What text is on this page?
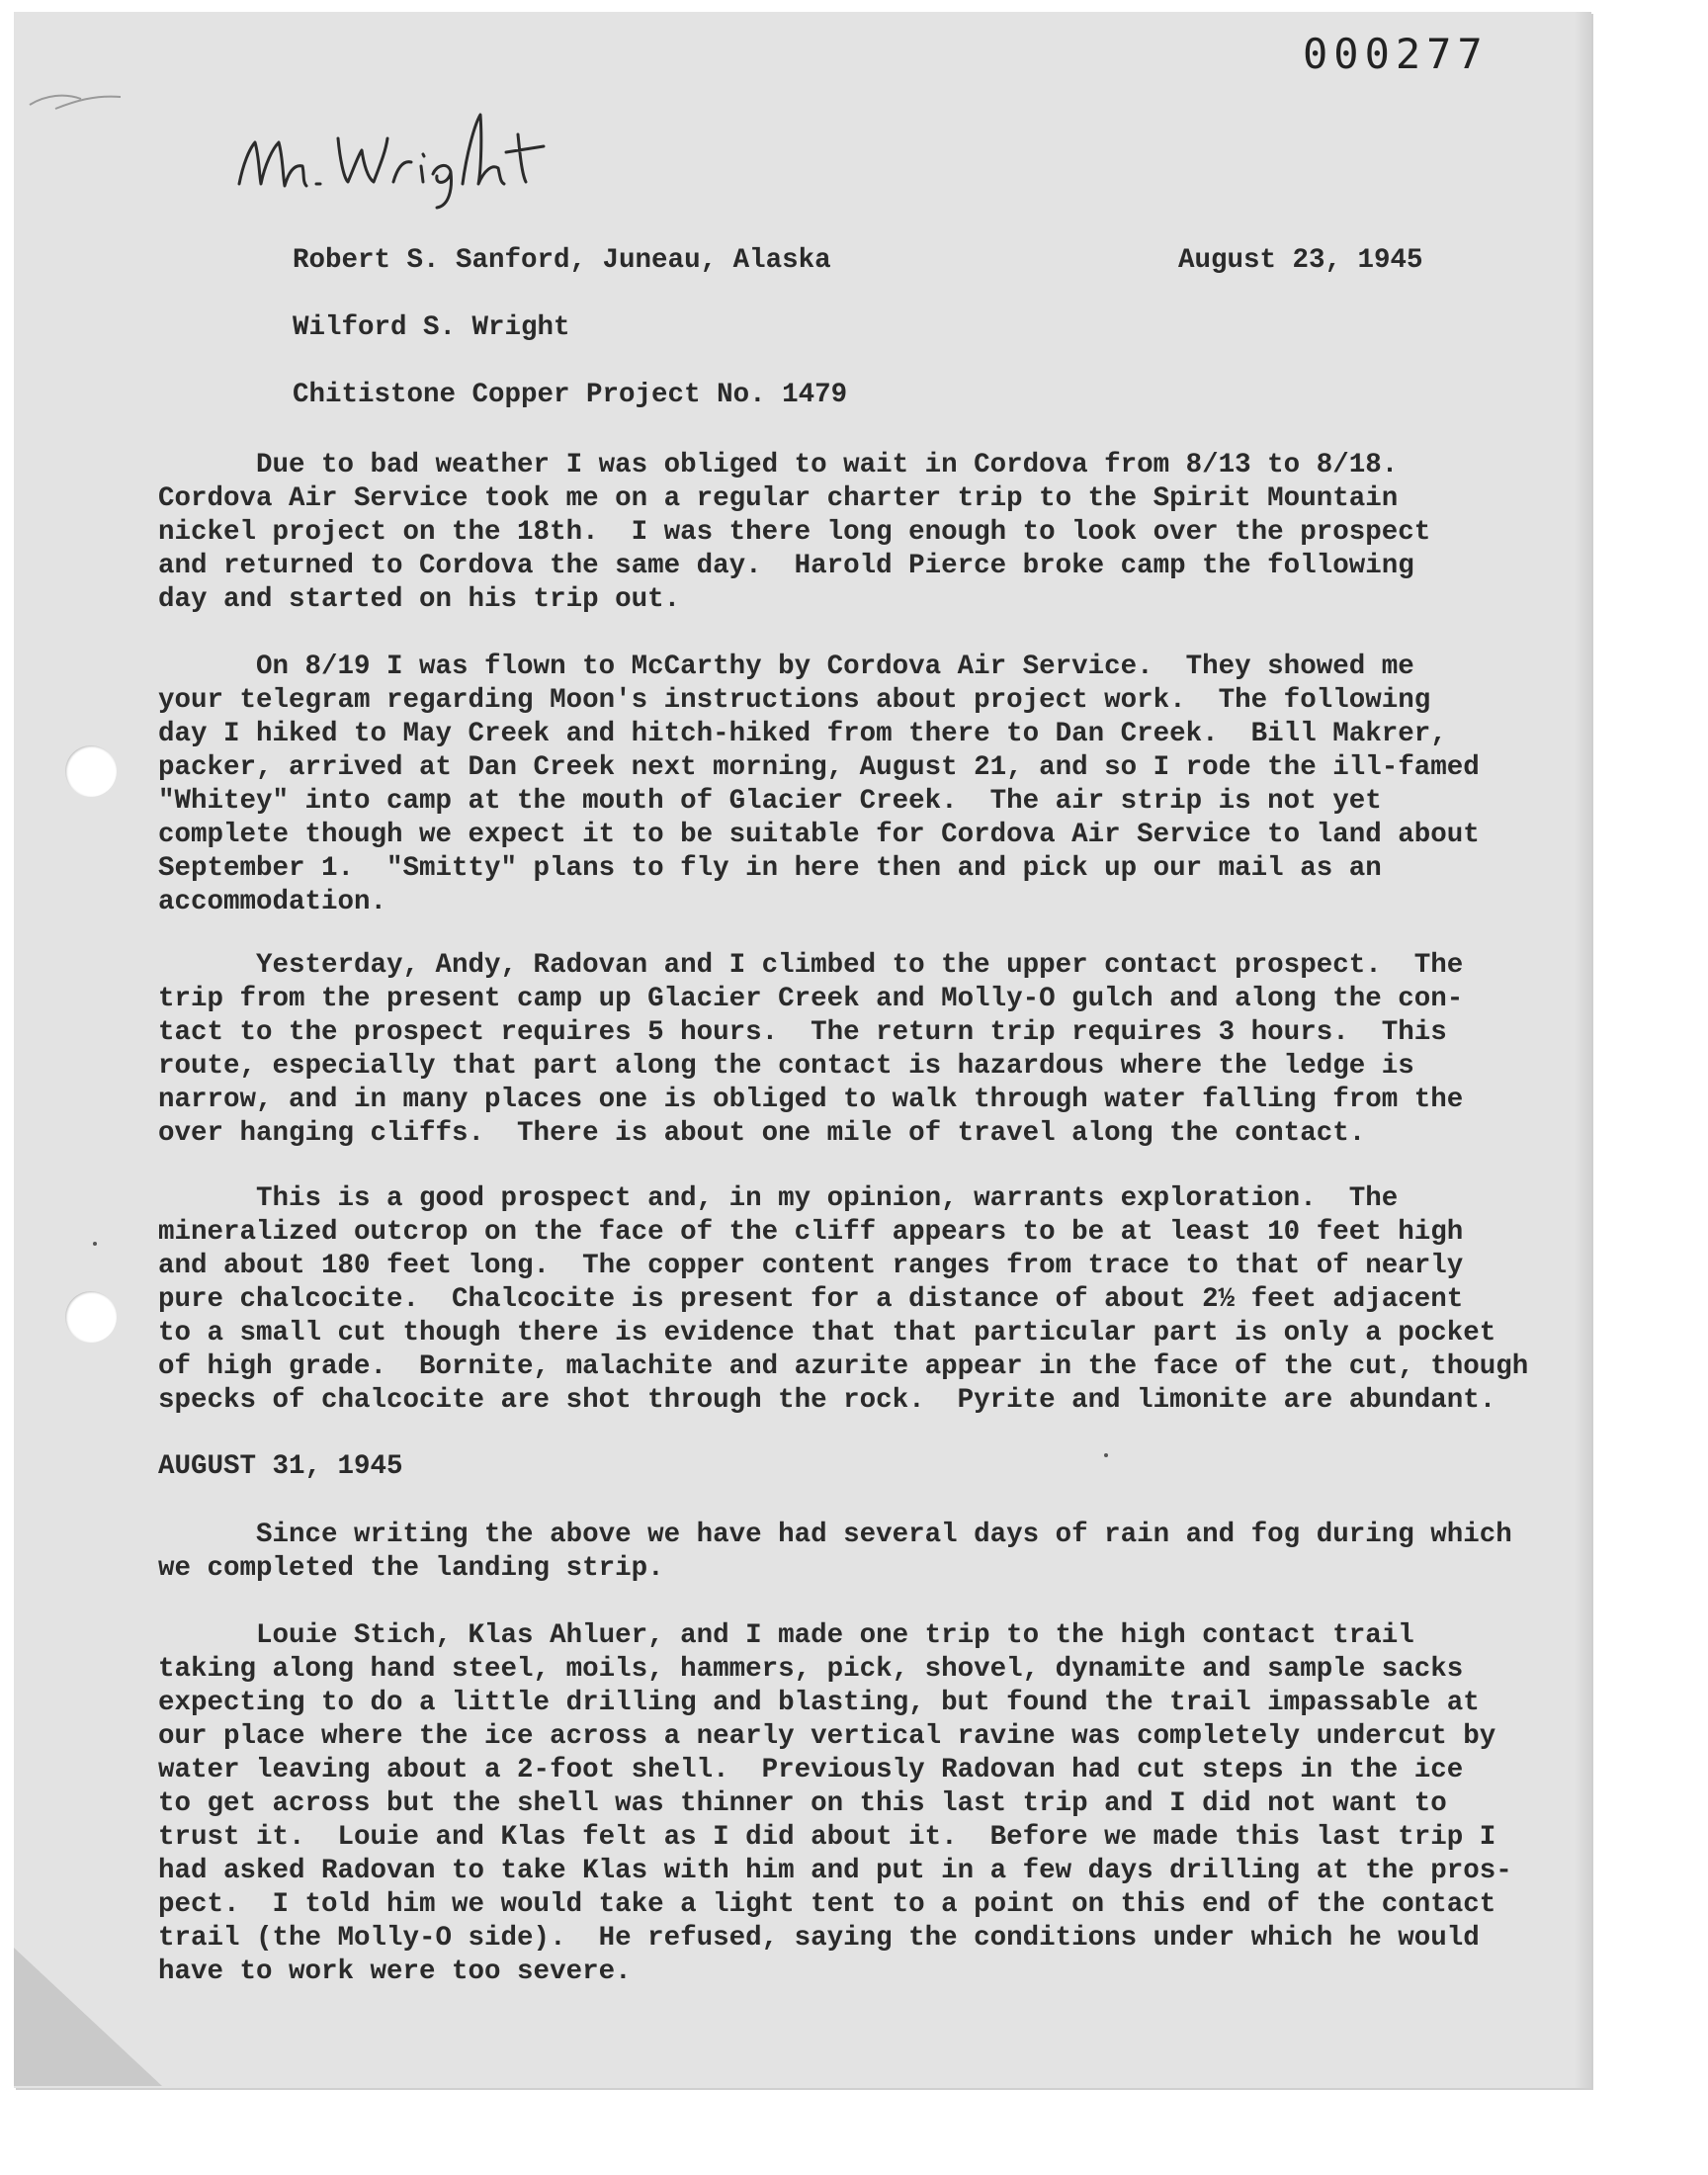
000277
Robert S. Sanford, Juneau, Alaska	August 23, 1945
Wilford S. Wright
Chitistone Copper Project No. 1479
Due to bad weather I was obliged to wait in Cordova from 8/13 to 8/18.
Cordova Air Service took me on a regular charter trip to the Spirit Mountain
nickel project on the 18th.  I was there long enough to look over the prospect
and returned to Cordova the same day.  Harold Pierce broke camp the following
day and started on his trip out.
On 8/19 I was flown to McCarthy by Cordova Air Service.  They showed me
your telegram regarding Moon's instructions about project work.  The following
day I hiked to May Creek and hitch-hiked from there to Dan Creek.  Bill Makrer,
packer, arrived at Dan Creek next morning, August 21, and so I rode the ill-famed
"Whitey" into camp at the mouth of Glacier Creek.  The air strip is not yet
complete though we expect it to be suitable for Cordova Air Service to land about
September 1.  "Smitty" plans to fly in here then and pick up our mail as an
accommodation.
Yesterday, Andy, Radovan and I climbed to the upper contact prospect.  The
trip from the present camp up Glacier Creek and Molly-O gulch and along the con-
tact to the prospect requires 5 hours.  The return trip requires 3 hours.  This
route, especially that part along the contact is hazardous where the ledge is
narrow, and in many places one is obliged to walk through water falling from the
over hanging cliffs.  There is about one mile of travel along the contact.
This is a good prospect and, in my opinion, warrants exploration.  The
mineralized outcrop on the face of the cliff appears to be at least 10 feet high
and about 180 feet long.  The copper content ranges from trace to that of nearly
pure chalcocite.  Chalcocite is present for a distance of about 2½ feet adjacent
to a small cut though there is evidence that that particular part is only a pocket
of high grade.  Bornite, malachite and azurite appear in the face of the cut, though
specks of chalcocite are shot through the rock.  Pyrite and limonite are abundant.
AUGUST 31, 1945
Since writing the above we have had several days of rain and fog during which
we completed the landing strip.
Louie Stich, Klas Ahluer, and I made one trip to the high contact trail
taking along hand steel, moils, hammers, pick, shovel, dynamite and sample sacks
expecting to do a little drilling and blasting, but found the trail impassable at
our place where the ice across a nearly vertical ravine was completely undercut by
water leaving about a 2-foot shell.  Previously Radovan had cut steps in the ice
to get across but the shell was thinner on this last trip and I did not want to
trust it.  Louie and Klas felt as I did about it.  Before we made this last trip I
had asked Radovan to take Klas with him and put in a few days drilling at the pros-
pect.  I told him we would take a light tent to a point on this end of the contact
trail (the Molly-O side).  He refused, saying the conditions under which he would
have to work were too severe.
